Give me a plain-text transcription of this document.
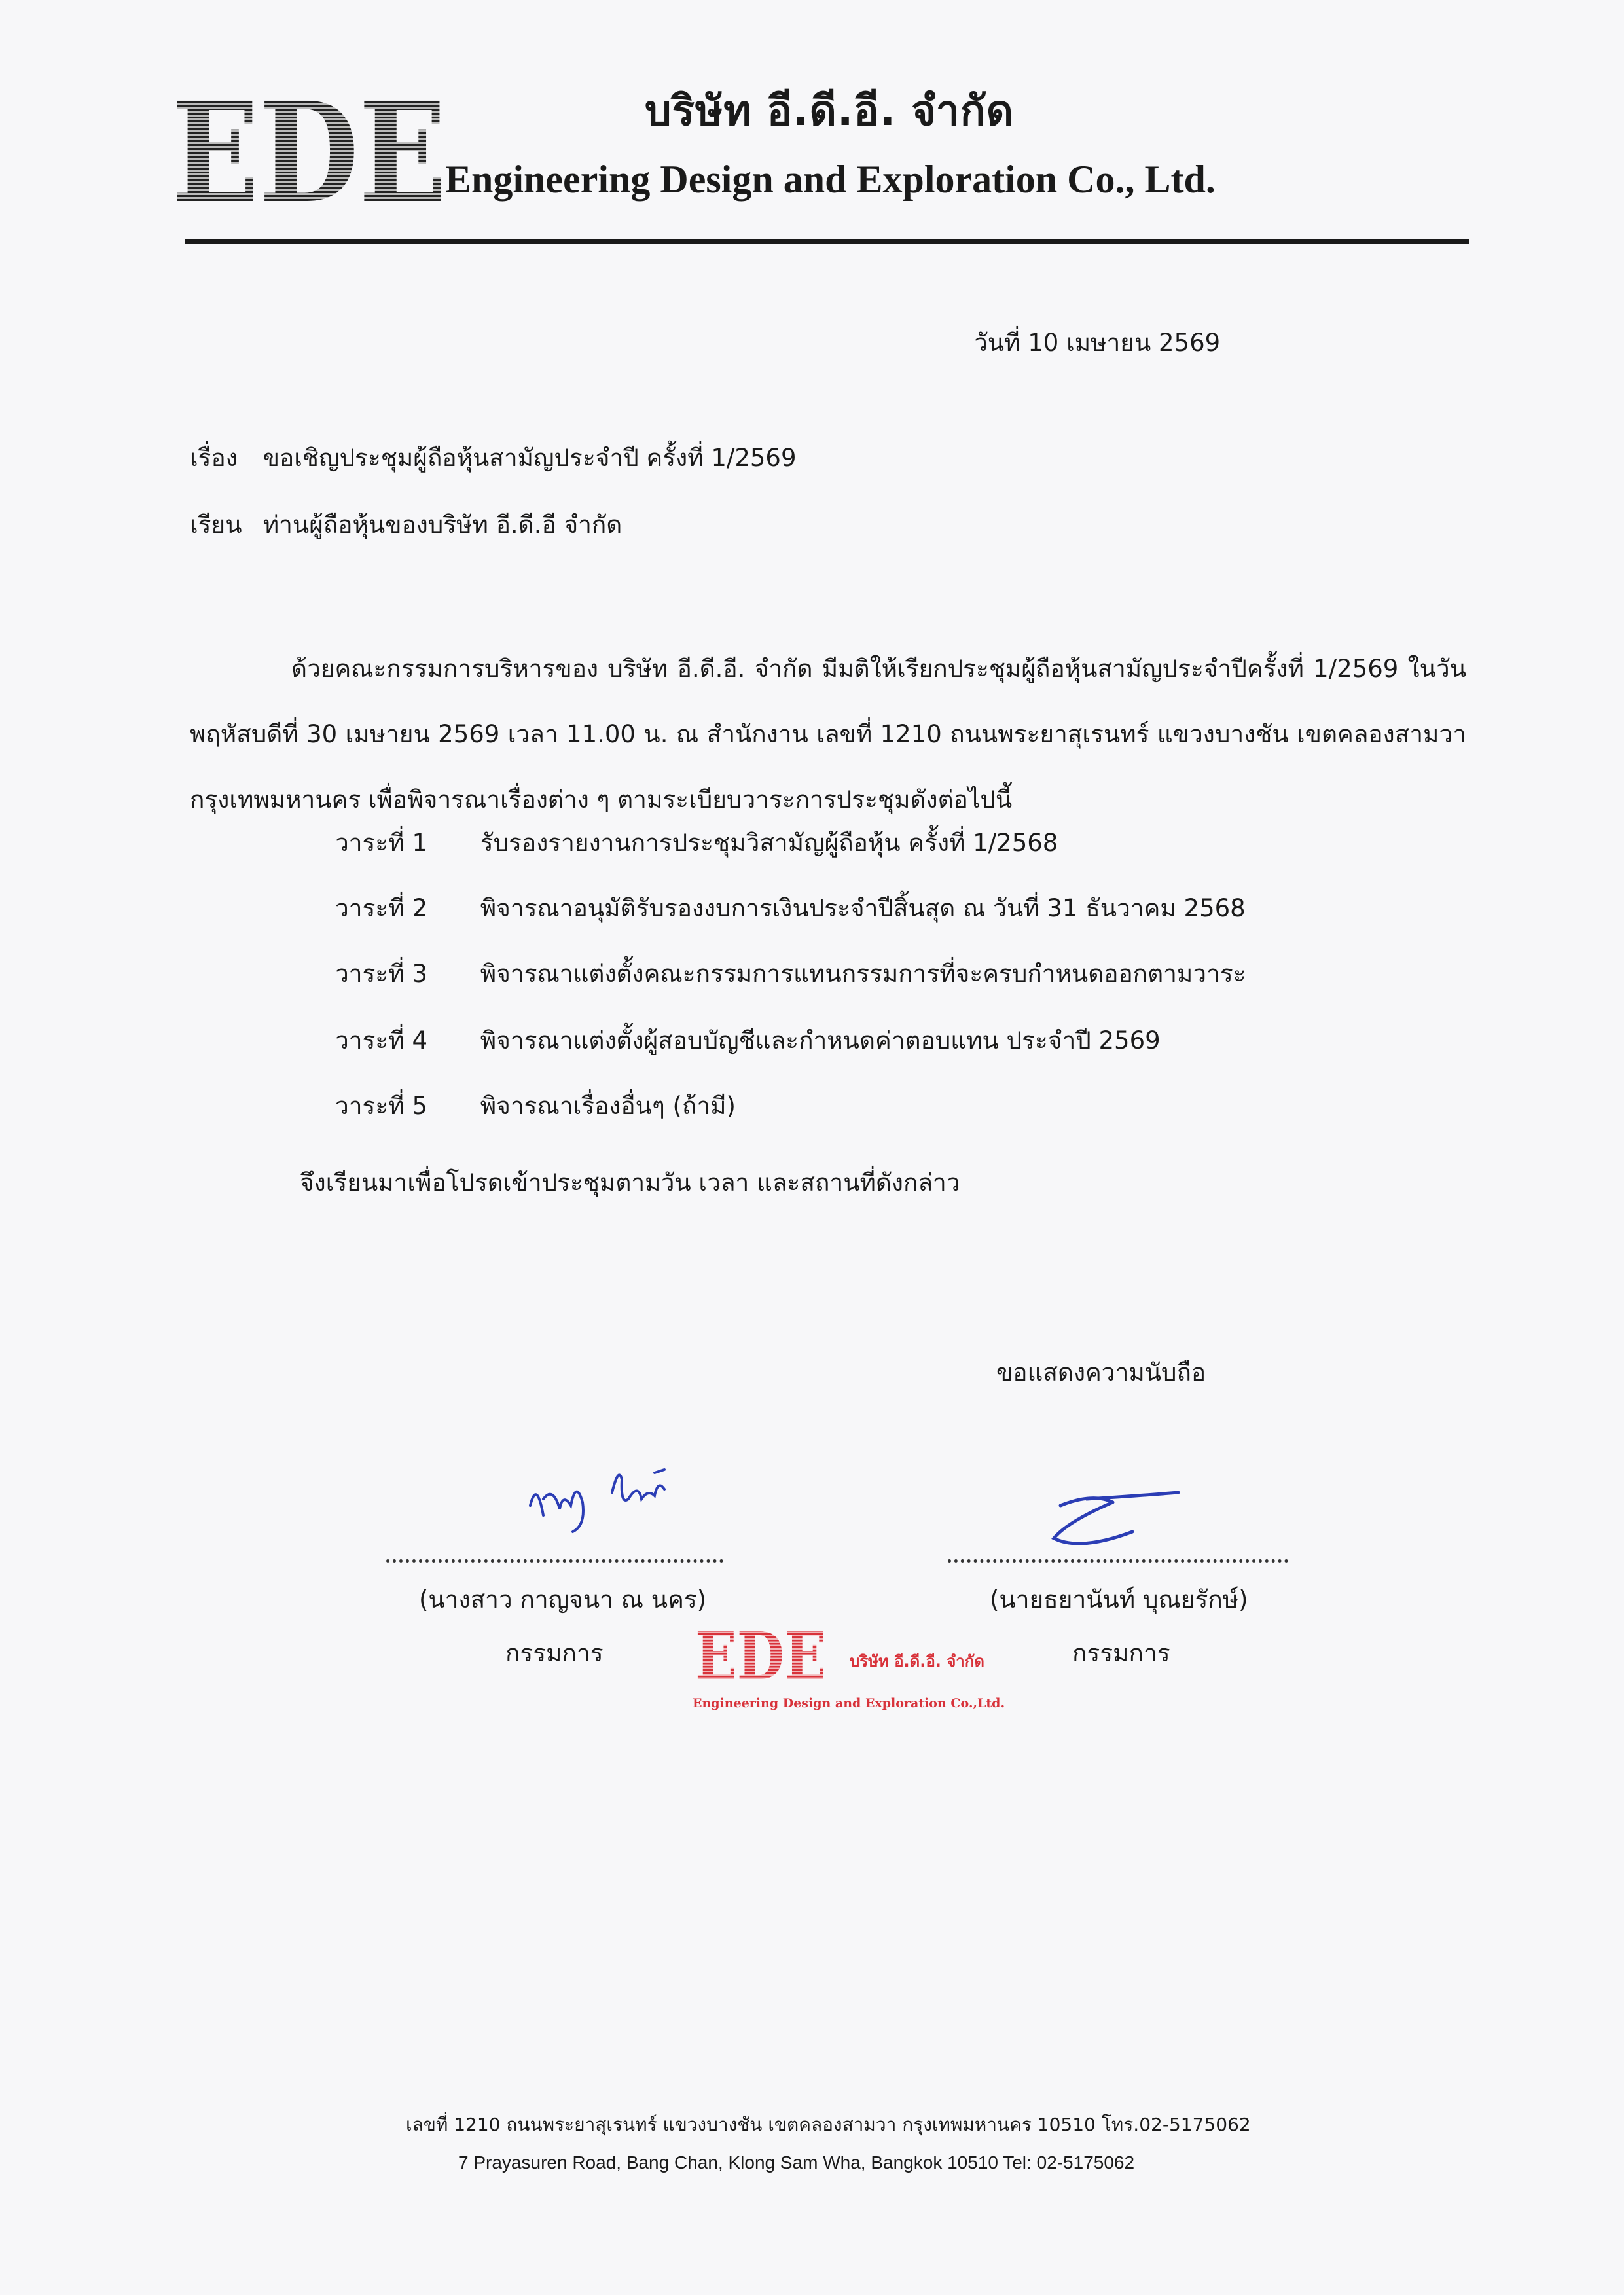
EDE	บริษัท อี.ดี.อี. จำกัด
Engineering Design and Exploration Co., Ltd.
วันที่ 10 เมษายน 2569
เรื่อง ขอเชิญประชุมผู้ถือหุ้นสามัญประจำปี ครั้งที่ 1/2569
เรียน ท่านผู้ถือหุ้นของบริษัท อี.ดี.อี จำกัด
ด้วยคณะกรรมการบริหารของ บริษัท อี.ดี.อี. จำกัด มีมติให้เรียกประชุมผู้ถือหุ้นสามัญประจำปีครั้งที่ 1/2569 ในวันพฤหัสบดีที่ 30 เมษายน 2569 เวลา 11.00 น. ณ สำนักงาน เลขที่ 1210 ถนนพระยาสุเรนทร์ แขวงบางชัน เขตคลองสามวา กรุงเทพมหานคร เพื่อพิจารณาเรื่องต่าง ๆ ตามระเบียบวาระการประชุมดังต่อไปนี้
วาระที่ 1 รับรองรายงานการประชุมวิสามัญผู้ถือหุ้น ครั้งที่ 1/2568
วาระที่ 2 พิจารณาอนุมัติรับรองงบการเงินประจำปีสิ้นสุด ณ วันที่ 31 ธันวาคม 2568
วาระที่ 3 พิจารณาแต่งตั้งคณะกรรมการแทนกรรมการที่จะครบกำหนดออกตามวาระ
วาระที่ 4 พิจารณาแต่งตั้งผู้สอบบัญชีและกำหนดค่าตอบแทน ประจำปี 2569
วาระที่ 5 พิจารณาเรื่องอื่นๆ (ถ้ามี)
จึงเรียนมาเพื่อโปรดเข้าประชุมตามวัน เวลา และสถานที่ดังกล่าว
ขอแสดงความนับถือ
(นางสาว กาญจนา ณ นคร)
กรรมการ
(นายธยานันท์ บุณยรักษ์)
กรรมการ
EDE บริษัท อี.ดี.อี. จำกัด
Engineering Design and Exploration Co.,Ltd.
เลขที่ 1210 ถนนพระยาสุเรนทร์ แขวงบางชัน เขตคลองสามวา กรุงเทพมหานคร 10510 โทร.02-5175062
7 Prayasuren Road, Bang Chan, Klong Sam Wha, Bangkok 10510 Tel: 02-5175062
